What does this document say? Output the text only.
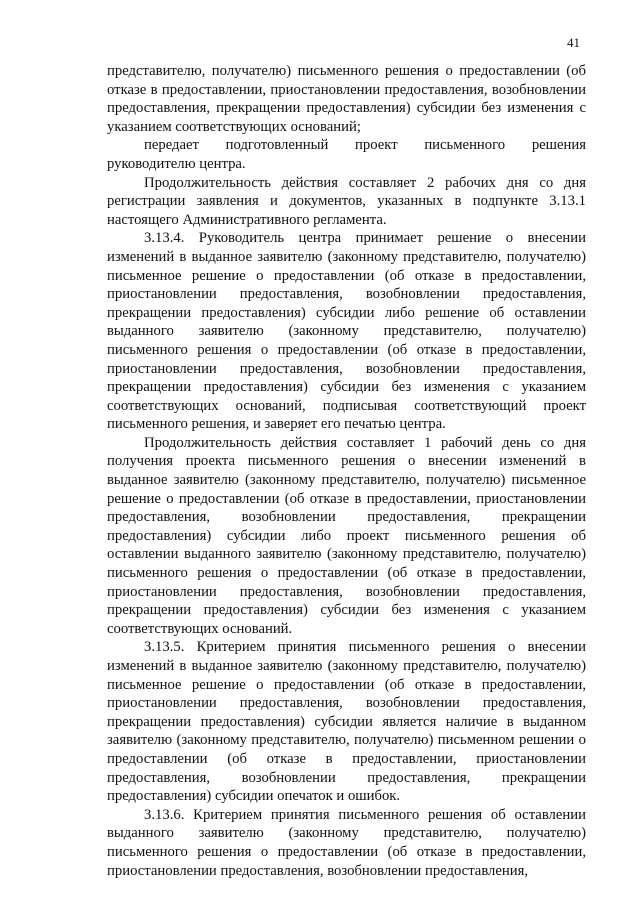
41

представителю, получателю) письменного решения о предоставлении (об отказе в предоставлении, приостановлении предоставления, возобновлении предоставления, прекращении предоставления) субсидии без изменения с указанием соответствующих оснований;

передает подготовленный проект письменного решения руководителю центра.

Продолжительность действия составляет 2 рабочих дня со дня регистрации заявления и документов, указанных в подпункте 3.13.1 настоящего Административного регламента.

3.13.4. Руководитель центра принимает решение о внесении изменений в выданное заявителю (законному представителю, получателю) письменное решение о предоставлении (об отказе в предоставлении, приостановлении предоставления, возобновлении предоставления, прекращении предоставления) субсидии либо решение об оставлении выданного заявителю (законному представителю, получателю) письменного решения о предоставлении (об отказе в предоставлении, приостановлении предоставления, возобновлении предоставления, прекращении предоставления) субсидии без изменения с указанием соответствующих оснований, подписывая соответствующий проект письменного решения, и заверяет его печатью центра.

Продолжительность действия составляет 1 рабочий день со дня получения проекта письменного решения о внесении изменений в выданное заявителю (законному представителю, получателю) письменное решение о предоставлении (об отказе в предоставлении, приостановлении предоставления, возобновлении предоставления, прекращении предоставления) субсидии либо проект письменного решения об оставлении выданного заявителю (законному представителю, получателю) письменного решения о предоставлении (об отказе в предоставлении, приостановлении предоставления, возобновлении предоставления, прекращении предоставления) субсидии без изменения с указанием соответствующих оснований.

3.13.5. Критерием принятия письменного решения о внесении изменений в выданное заявителю (законному представителю, получателю) письменное решение о предоставлении (об отказе в предоставлении, приостановлении предоставления, возобновлении предоставления, прекращении предоставления) субсидии является наличие в выданном заявителю (законному представителю, получателю) письменном решении о предоставлении (об отказе в предоставлении, приостановлении предоставления, возобновлении предоставления, прекращении предоставления) субсидии опечаток и ошибок.

3.13.6. Критерием принятия письменного решения об оставлении выданного заявителю (законному представителю, получателю) письменного решения о предоставлении (об отказе в предоставлении, приостановлении предоставления, возобновлении предоставления,
